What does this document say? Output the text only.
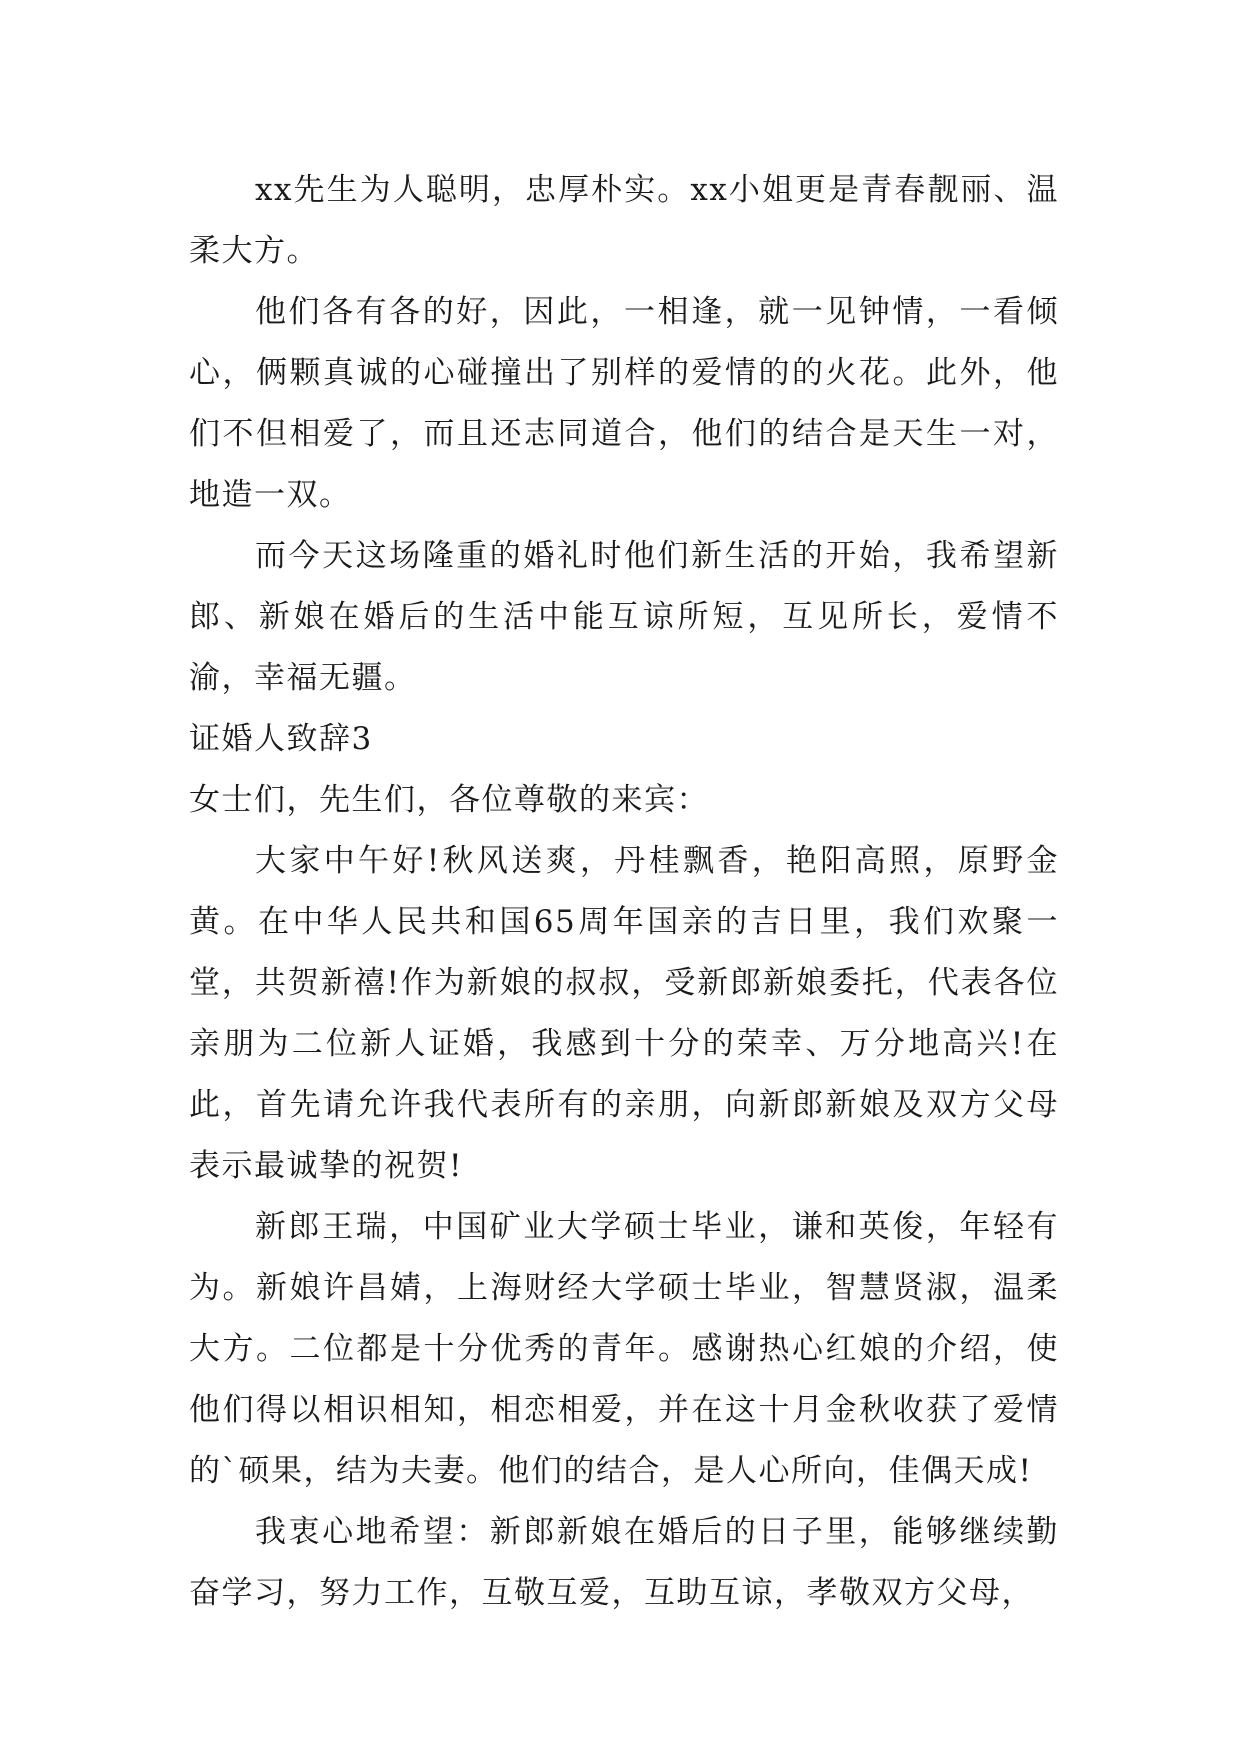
xx先生为人聪明，忠厚朴实。xx小姐更是青春靓丽、温柔大方。

他们各有各的好，因此，一相逢，就一见钟情，一看倾心，俩颗真诚的心碰撞出了别样的爱情的的火花。此外，他们不但相爱了，而且还志同道合，他们的结合是天生一对，地造一双。

而今天这场隆重的婚礼时他们新生活的开始，我希望新郎、新娘在婚后的生活中能互谅所短，互见所长，爱情不渝，幸福无疆。

证婚人致辞3

女士们，先生们，各位尊敬的来宾：

大家中午好!秋风送爽，丹桂飘香，艳阳高照，原野金黄。在中华人民共和国65周年国亲的吉日里，我们欢聚一堂，共贺新禧!作为新娘的叔叔，受新郎新娘委托，代表各位亲朋为二位新人证婚，我感到十分的荣幸、万分地高兴!在此，首先请允许我代表所有的亲朋，向新郎新娘及双方父母表示最诚挚的祝贺!

新郎王瑞，中国矿业大学硕士毕业，谦和英俊，年轻有为。新娘许昌婧，上海财经大学硕士毕业，智慧贤淑，温柔大方。二位都是十分优秀的青年。感谢热心红娘的介绍，使他们得以相识相知，相恋相爱，并在这十月金秋收获了爱情的`硕果，结为夫妻。他们的结合，是人心所向，佳偶天成!

我衷心地希望：新郎新娘在婚后的日子里，能够继续勤奋学习，努力工作，互敬互爱，互助互谅，孝敬双方父母，
